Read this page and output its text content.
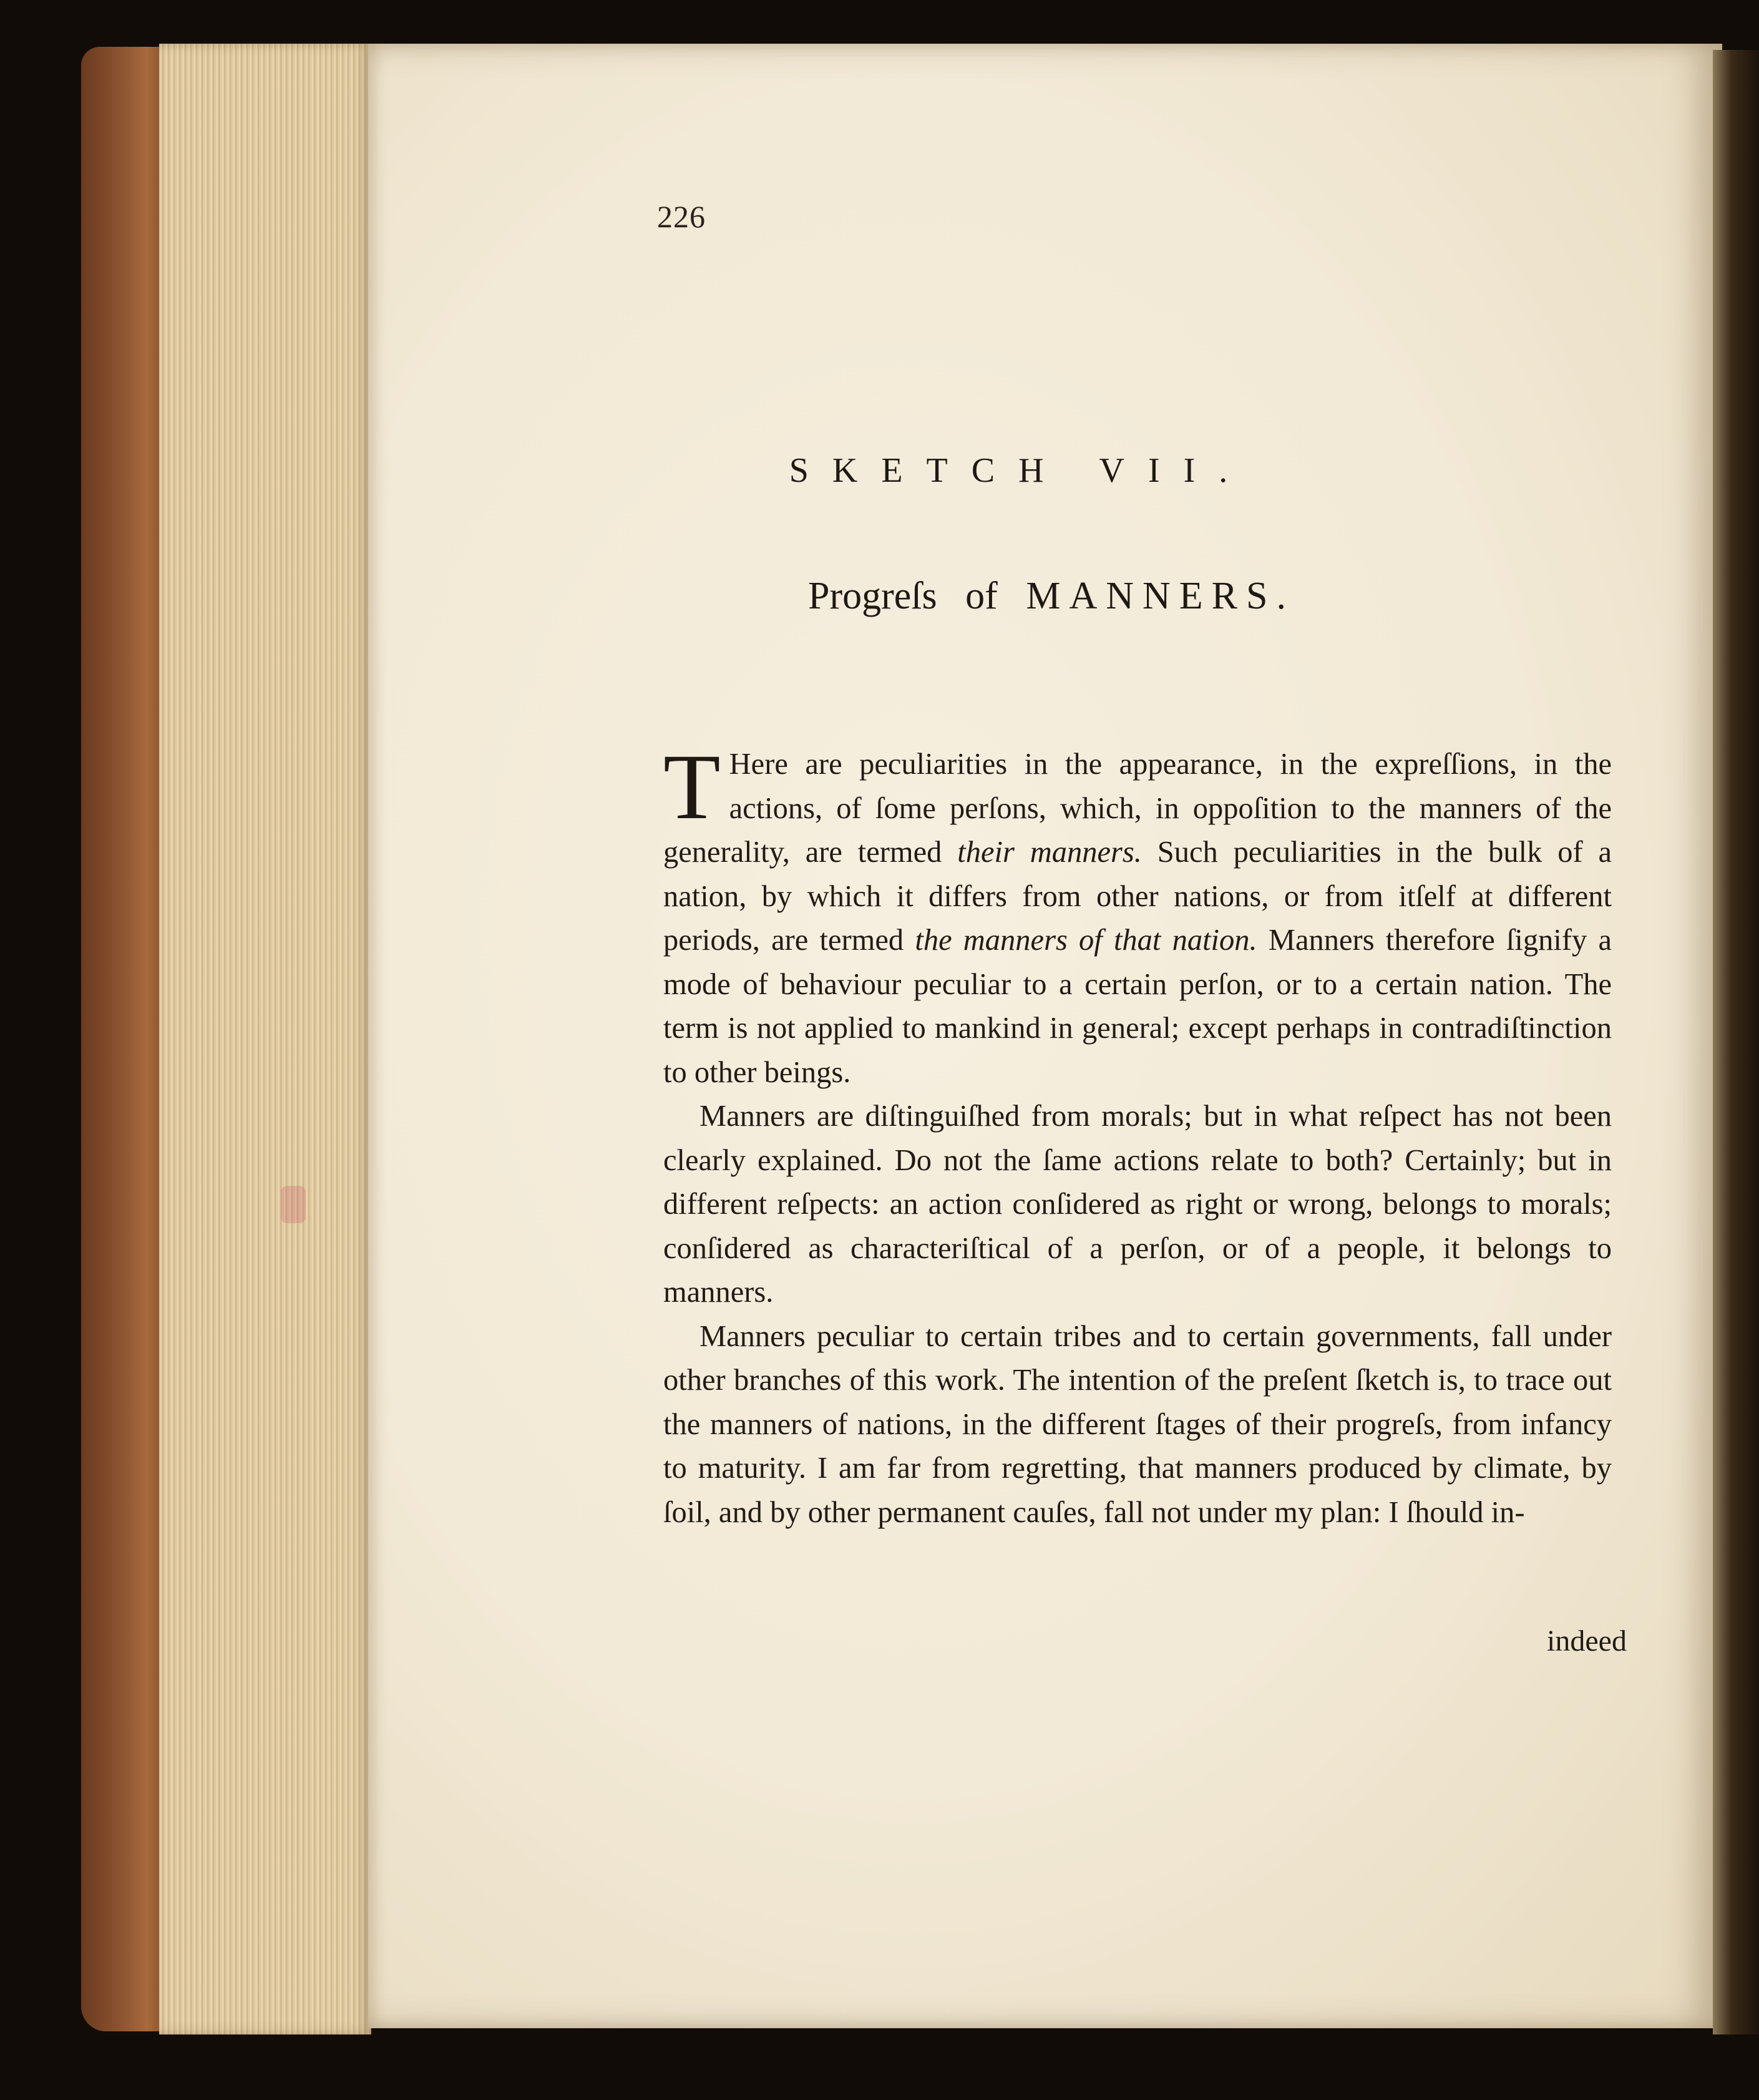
226
SKETCH VII.
Progreſs of MANNERS.

T Here are peculiarities in the appearance, in the expreſſions, in the actions, of ſome perſons, which, in oppoſition to the manners of the generality, are termed their manners. Such peculiarities in the bulk of a nation, by which it differs from other nations, or from itſelf at different periods, are termed the manners of that nation. Manners therefore ſignify a mode of behaviour peculiar to a certain perſon, or to a certain nation. The term is not applied to mankind in general; except perhaps in contradiſtinction to other beings.

Manners are diſtinguiſhed from morals; but in what reſpect has not been clearly explained. Do not the ſame actions relate to both? Certainly; but in different reſpects: an action conſidered as right or wrong, belongs to morals; conſidered as characteriſtical of a perſon, or of a people, it belongs to manners.

Manners peculiar to certain tribes and to certain governments, fall under other branches of this work. The intention of the preſent ſketch is, to trace out the manners of nations, in the different ſtages of their progreſs, from infancy to maturity. I am far from regretting, that manners produced by climate, by ſoil, and by other permanent cauſes, fall not under my plan: I ſhould in-

indeed
